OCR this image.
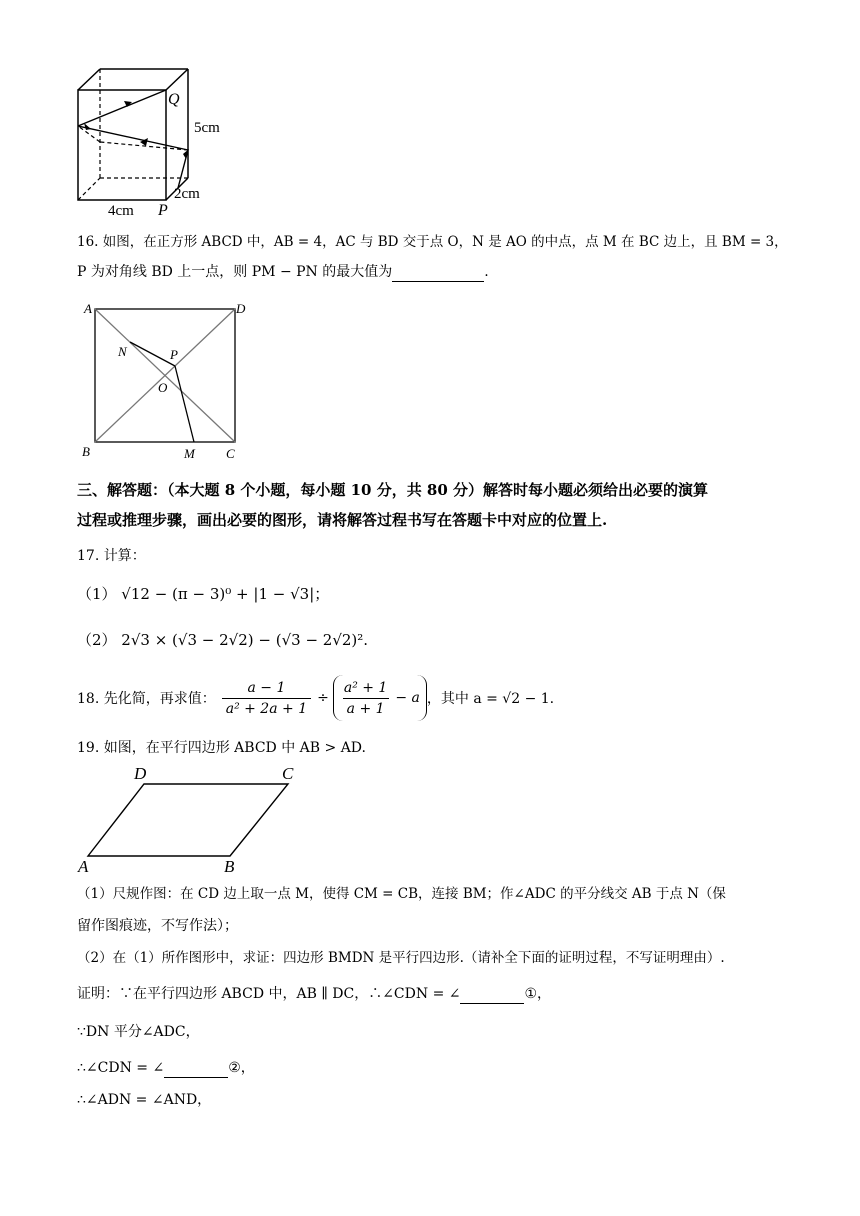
Q
5cm
2cm
4cm P
16. 如图，在正方形 ABCD 中，AB = 4，AC 与 BD 交于点 O，N 是 AO 的中点，点 M 在 BC 边上，且 BM = 3，
P 为对角线 BD 上一点，则 PM − PN 的最大值为	.
A	D
B	C
N	P
O
M
三、解答题：（本大题 8 个小题，每小题 10 分，共 80 分）解答时每小题必须给出必要的演算
过程或推理步骤，画出必要的图形，请将解答过程书写在答题卡中对应的位置上.
17. 计算：
（1） √12 − (π − 3)⁰ + |1 − √3|；
（2） 2√3 × (√3 − 2√2) − (√3 − 2√2)².
18. 先化简，再求值： $\frac{a - 1}{\text{a² + 2a + 1}} \div \frac{\text{a² + 1}}{a + 1} - a$ ，其中 a = √2 − 1.
19. 如图，在平行四边形 ABCD 中 AB > AD.
D	C
A	B
（1）尺规作图：在 CD 边上取一点 M，使得 CM = CB，连接 BM；作∠ADC 的平分线交 AB 于点 N（保
留作图痕迹，不写作法）；
（2）在（1）所作图形中，求证：四边形 BMDN 是平行四边形.（请补全下面的证明过程，不写证明理由）.
证明：∵在平行四边形 ABCD 中，AB ∥ DC，∴∠CDN = ∠	①，
∵DN 平分∠ADC，
∴∠CDN = ∠	②，
∴∠ADN = ∠AND，
